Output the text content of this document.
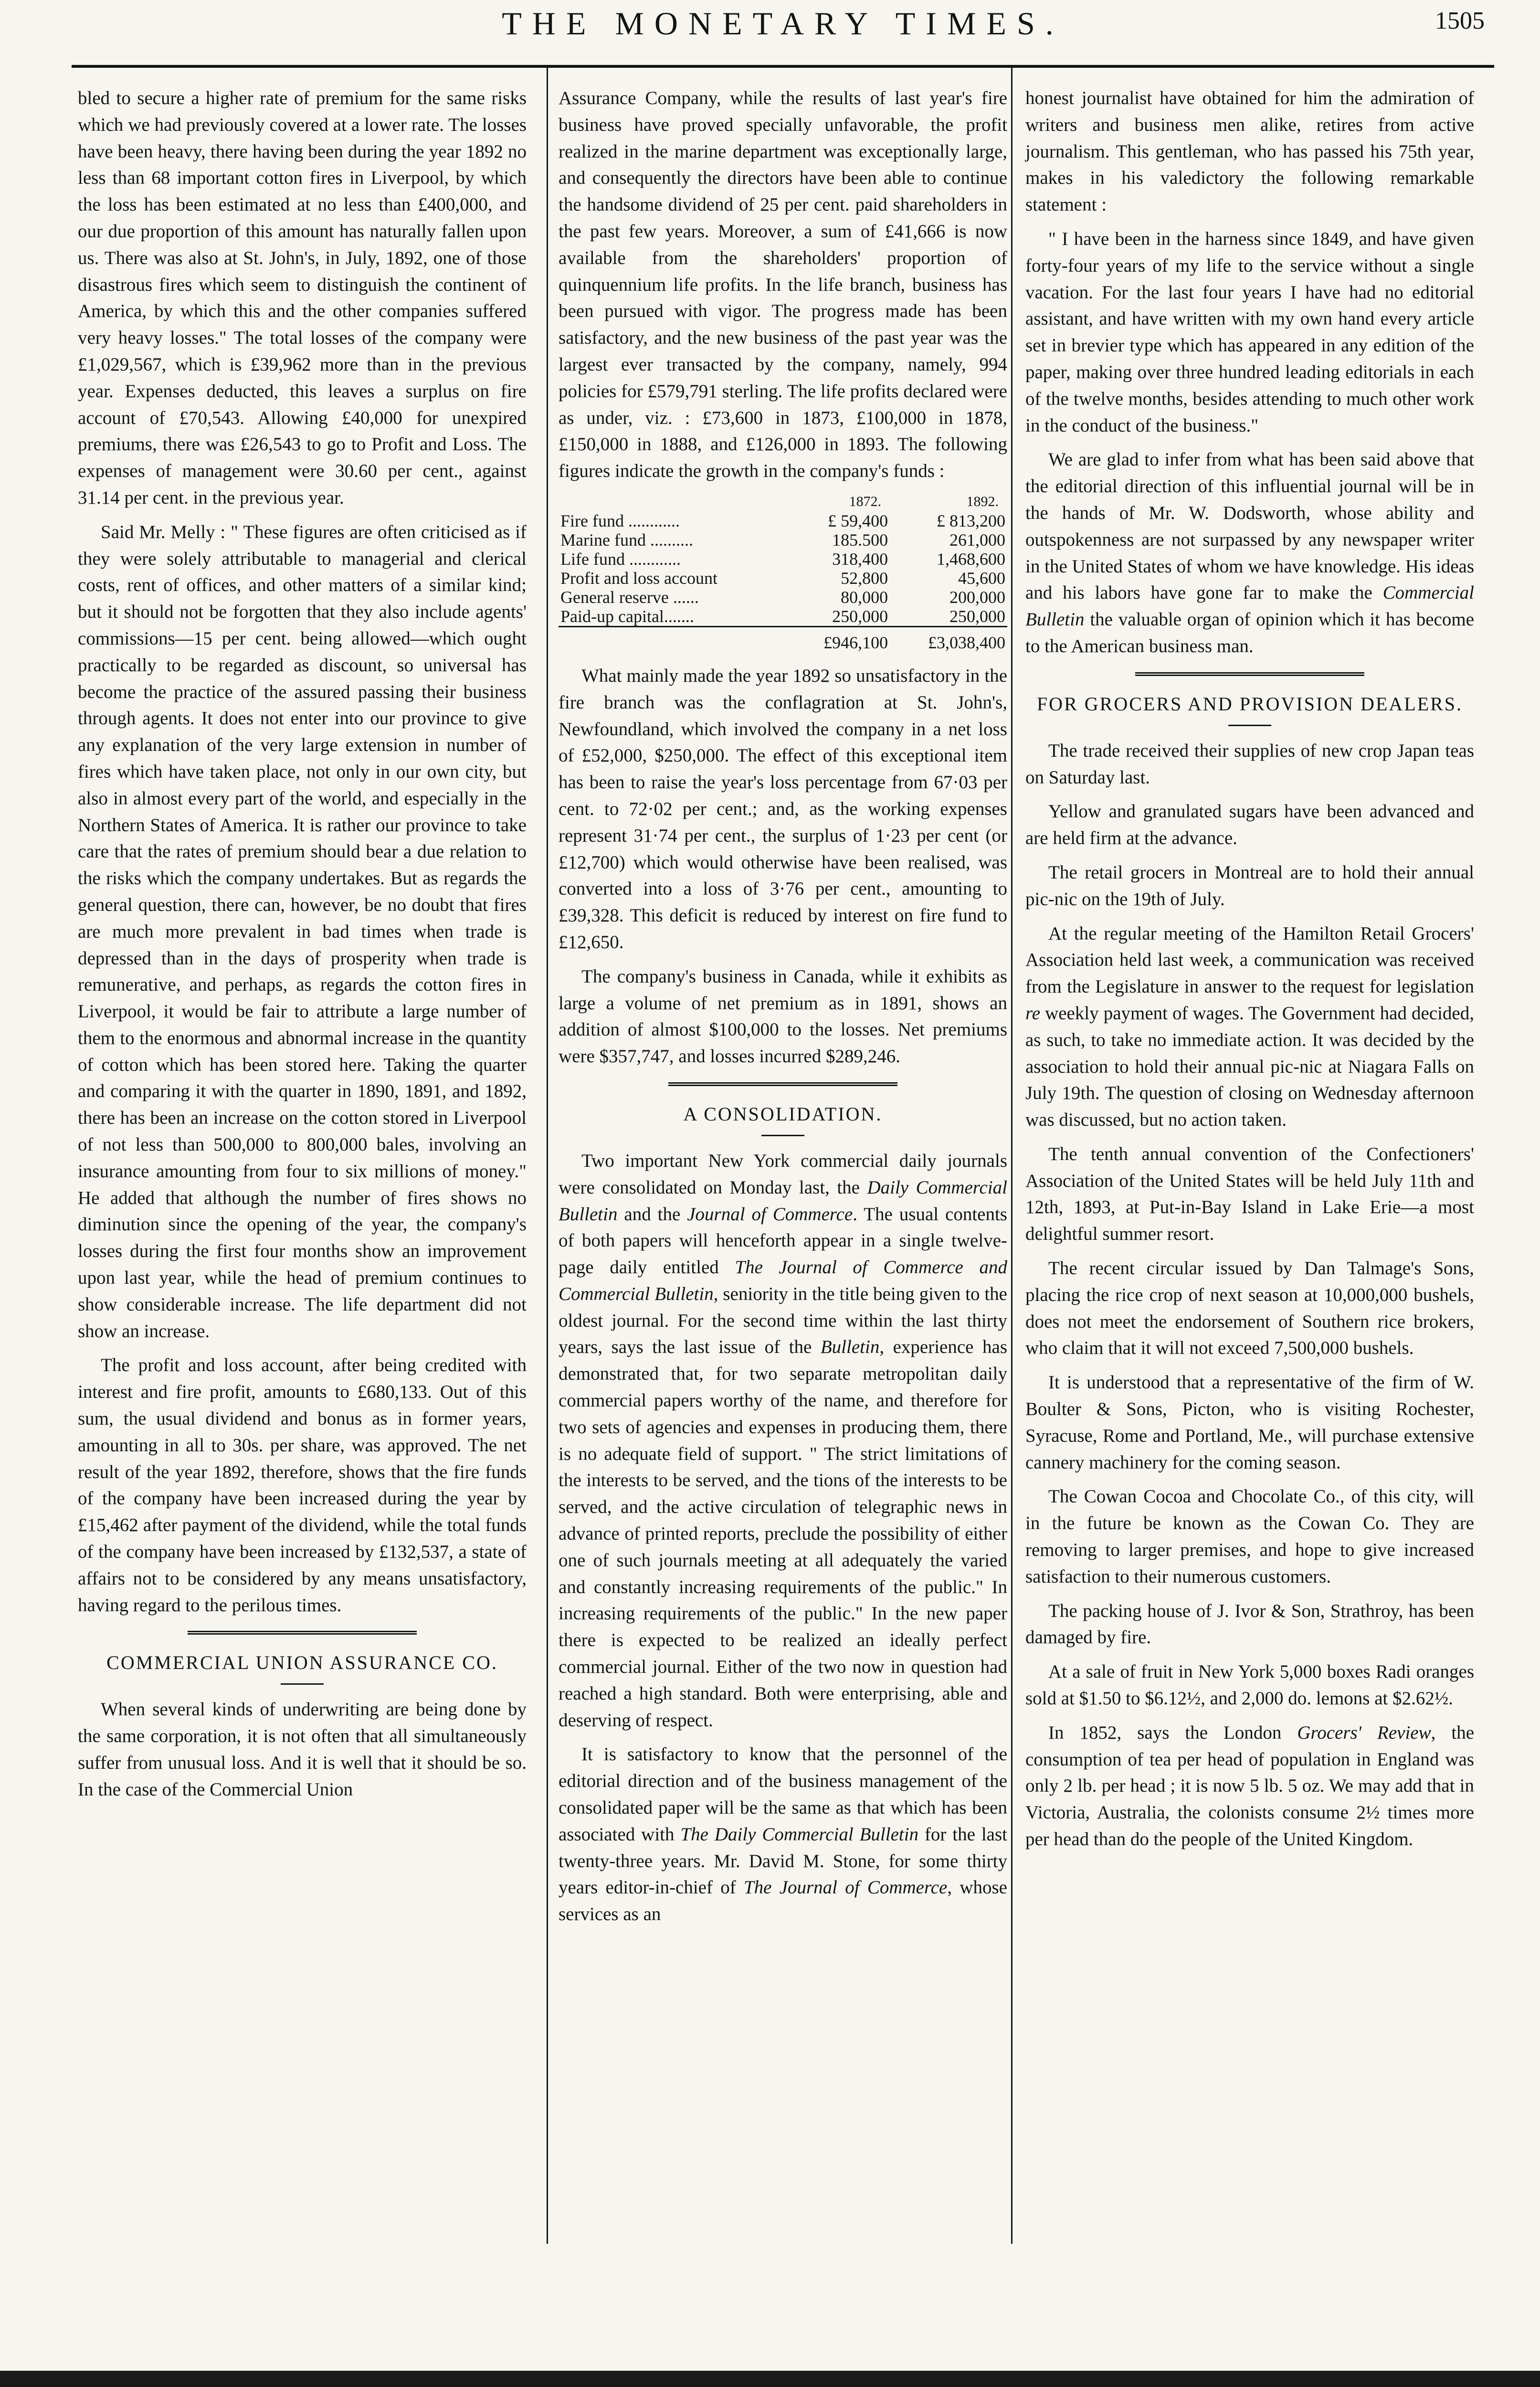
THE MONETARY TIMES.	1505

bled to secure a higher rate of premium for the same risks which we had previously covered at a lower rate. The losses have been heavy, there having been during the year 1892 no less than 68 important cotton fires in Liverpool, by which the loss has been estimated at no less than £400,000, and our due proportion of this amount has naturally fallen upon us. There was also at St. John's, in July, 1892, one of those disastrous fires which seem to distinguish the continent of America, by which this and the other companies suffered very heavy losses." The total losses of the company were £1,029,567, which is £39,962 more than in the previous year. Expenses deducted, this leaves a surplus on fire account of £70,543. Allowing £40,000 for unexpired premiums, there was £26,543 to go to Profit and Loss. The expenses of management were 30.60 per cent., against 31.14 per cent. in the previous year.

Said Mr. Melly : " These figures are often criticised as if they were solely attributable to managerial and clerical costs, rent of offices, and other matters of a similar kind; but it should not be forgotten that they also include agents' commissions—15 per cent. being allowed—which ought practically to be regarded as discount, so universal has become the practice of the assured passing their business through agents. It does not enter into our province to give any explanation of the very large extension in number of fires which have taken place, not only in our own city, but also in almost every part of the world, and especially in the Northern States of America. It is rather our province to take care that the rates of premium should bear a due relation to the risks which the company undertakes. But as regards the general question, there can, however, be no doubt that fires are much more prevalent in bad times when trade is depressed than in the days of prosperity when trade is remunerative, and perhaps, as regards the cotton fires in Liverpool, it would be fair to attribute a large number of them to the enormous and abnormal increase in the quantity of cotton which has been stored here. Taking the quarter and comparing it with the quarter in 1890, 1891, and 1892, there has been an increase on the cotton stored in Liverpool of not less than 500,000 to 800,000 bales, involving an insurance amounting from four to six millions of money." He added that although the number of fires shows no diminution since the opening of the year, the company's losses during the first four months show an improvement upon last year, while the head of premium continues to show considerable increase. The life department did not show an increase.

The profit and loss account, after being credited with interest and fire profit, amounts to £680,133. Out of this sum, the usual dividend and bonus as in former years, amounting in all to 30s. per share, was approved. The net result of the year 1892, therefore, shows that the fire funds of the company have been increased during the year by £15,462 after payment of the dividend, while the total funds of the company have been increased by £132,537, a state of affairs not to be considered by any means unsatisfactory, having regard to the perilous times.

COMMERCIAL UNION ASSURANCE CO.

When several kinds of underwriting are being done by the same corporation, it is not often that all simultaneously suffer from unusual loss. And it is well that it should be so. In the case of the Commercial Union

Assurance Company, while the results of last year's fire business have proved specially unfavorable, the profit realized in the marine department was exceptionally large, and consequently the directors have been able to continue the handsome dividend of 25 per cent. paid shareholders in the past few years. Moreover, a sum of £41,666 is now available from the shareholders' proportion of quinquennium life profits. In the life branch, business has been pursued with vigor. The progress made has been satisfactory, and the new business of the past year was the largest ever transacted by the company, namely, 994 policies for £579,791 sterling. The life profits declared were as under, viz. : £73,600 in 1873, £100,000 in 1878, £150,000 in 1888, and £126,000 in 1893. The following figures indicate the growth in the company's funds :

	1872.	1892.
Fire fund ............	£ 59,400	£ 813,200
Marine fund ..........	185.500	261,000
Life fund ............	318,400	1,468,600
Profit and loss account	52,800	45,600
General reserve ......	80,000	200,000
Paid-up capital.......	250,000	250,000
	£946,100	£3,038,400

What mainly made the year 1892 so unsatisfactory in the fire branch was the conflagration at St. John's, Newfoundland, which involved the company in a net loss of £52,000, $250,000. The effect of this exceptional item has been to raise the year's loss percentage from 67·03 per cent. to 72·02 per cent.; and, as the working expenses represent 31·74 per cent., the surplus of 1·23 per cent (or £12,700) which would otherwise have been realised, was converted into a loss of 3·76 per cent., amounting to £39,328. This deficit is reduced by interest on fire fund to £12,650.

The company's business in Canada, while it exhibits as large a volume of net premium as in 1891, shows an addition of almost $100,000 to the losses. Net premiums were $357,747, and losses incurred $289,246.

A CONSOLIDATION.

Two important New York commercial daily journals were consolidated on Monday last, the Daily Commercial Bulletin and the Journal of Commerce. The usual contents of both papers will henceforth appear in a single twelve-page daily entitled The Journal of Commerce and Commercial Bulletin, seniority in the title being given to the oldest journal. For the second time within the last thirty years, says the last issue of the Bulletin, experience has demonstrated that, for two separate metropolitan daily commercial papers worthy of the name, and therefore for two sets of agencies and expenses in producing them, there is no adequate field of support. " The strict limitations of the interests to be served, and the tions of the interests to be served, and the active circulation of telegraphic news in advance of printed reports, preclude the possibility of either one of such journals meeting at all adequately the varied and constantly increasing requirements of the public." In increasing requirements of the public." In the new paper there is expected to be realized an ideally perfect commercial journal. Either of the two now in question had reached a high standard. Both were enterprising, able and deserving of respect.

It is satisfactory to know that the personnel of the editorial direction and of the business management of the consolidated paper will be the same as that which has been associated with The Daily Commercial Bulletin for the last twenty-three years. Mr. David M. Stone, for some thirty years editor-in-chief of The Journal of Commerce, whose services as an

honest journalist have obtained for him the admiration of writers and business men alike, retires from active journalism. This gentleman, who has passed his 75th year, makes in his valedictory the following remarkable statement :

" I have been in the harness since 1849, and have given forty-four years of my life to the service without a single vacation. For the last four years I have had no editorial assistant, and have written with my own hand every article set in brevier type which has appeared in any edition of the paper, making over three hundred leading editorials in each of the twelve months, besides attending to much other work in the conduct of the business."

We are glad to infer from what has been said above that the editorial direction of this influential journal will be in the hands of Mr. W. Dodsworth, whose ability and outspokenness are not surpassed by any newspaper writer in the United States of whom we have knowledge. His ideas and his labors have gone far to make the Commercial Bulletin the valuable organ of opinion which it has become to the American business man.

FOR GROCERS AND PROVISION DEALERS.

The trade received their supplies of new crop Japan teas on Saturday last.

Yellow and granulated sugars have been advanced and are held firm at the advance.

The retail grocers in Montreal are to hold their annual pic-nic on the 19th of July.

At the regular meeting of the Hamilton Retail Grocers' Association held last week, a communication was received from the Legislature in answer to the request for legislation re weekly payment of wages. The Government had decided, as such, to take no immediate action. It was decided by the association to hold their annual pic-nic at Niagara Falls on July 19th. The question of closing on Wednesday afternoon was discussed, but no action taken.

The tenth annual convention of the Confectioners' Association of the United States will be held July 11th and 12th, 1893, at Put-in-Bay Island in Lake Erie—a most delightful summer resort.

The recent circular issued by Dan Talmage's Sons, placing the rice crop of next season at 10,000,000 bushels, does not meet the endorsement of Southern rice brokers, who claim that it will not exceed 7,500,000 bushels.

It is understood that a representative of the firm of W. Boulter & Sons, Picton, who is visiting Rochester, Syracuse, Rome and Portland, Me., will purchase extensive cannery machinery for the coming season.

The Cowan Cocoa and Chocolate Co., of this city, will in the future be known as the Cowan Co. They are removing to larger premises, and hope to give increased satisfaction to their numerous customers.

The packing house of J. Ivor & Son, Strathroy, has been damaged by fire.

At a sale of fruit in New York 5,000 boxes Radi oranges sold at $1.50 to $6.12½, and 2,000 do. lemons at $2.62½.

In 1852, says the London Grocers' Review, the consumption of tea per head of population in England was only 2 lb. per head ; it is now 5 lb. 5 oz. We may add that in Victoria, Australia, the colonists consume 2½ times more per head than do the people of the United Kingdom.
